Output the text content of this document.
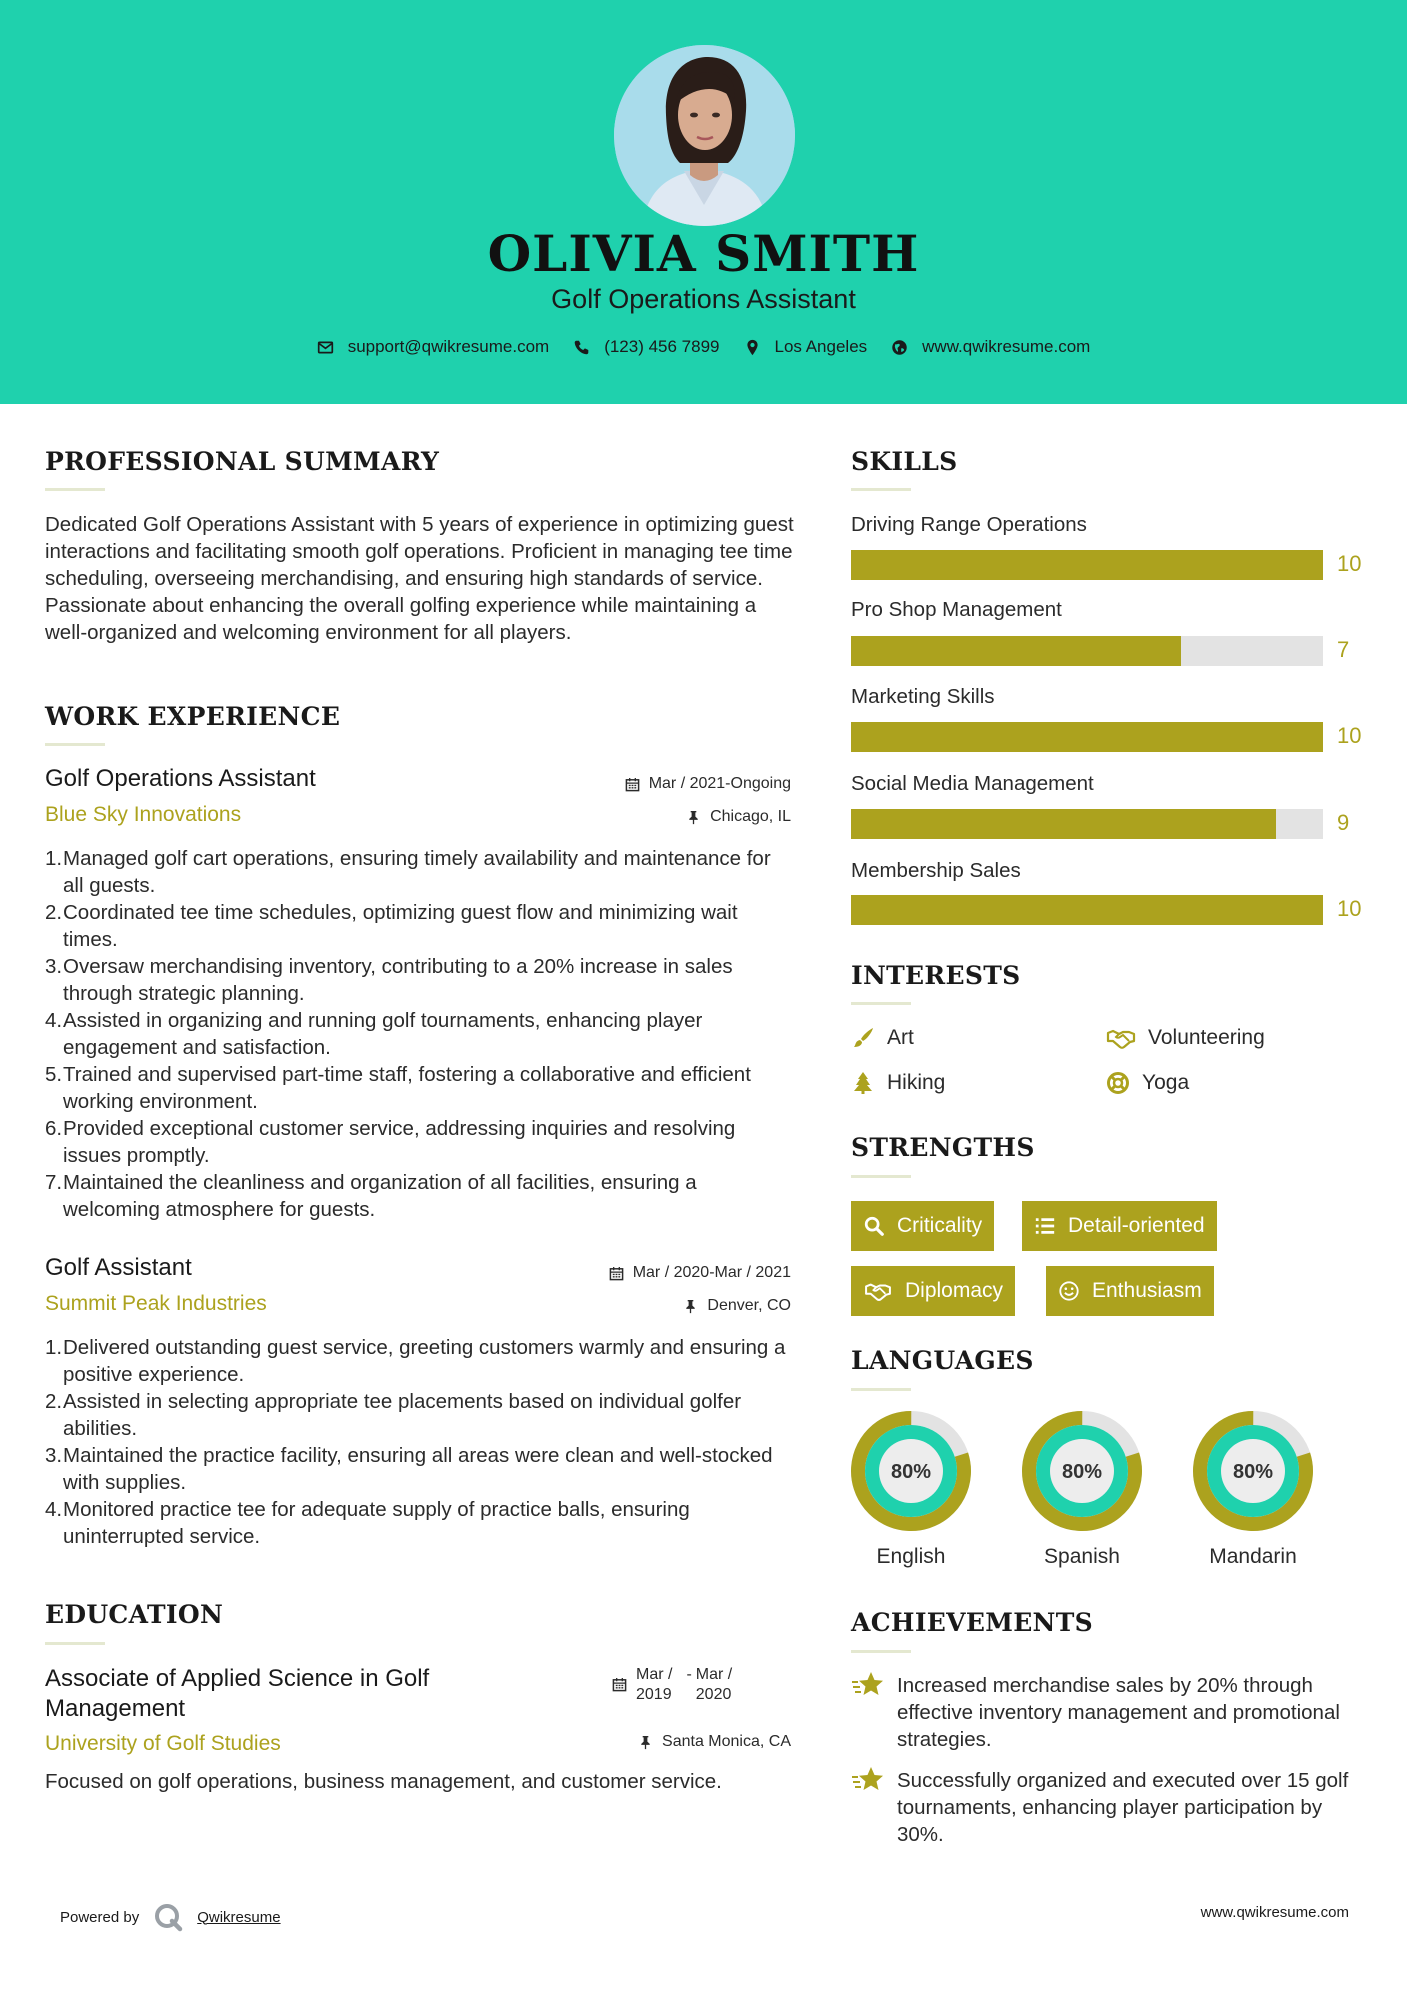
OLIVIA SMITH
Golf Operations Assistant
support@qwikresume.com	(123) 456 7899	Los Angeles	www.qwikresume.com
PROFESSIONAL SUMMARY
Dedicated Golf Operations Assistant with 5 years of experience in optimizing guest interactions and facilitating smooth golf operations. Proficient in managing tee time scheduling, overseeing merchandising, and ensuring high standards of service. Passionate about enhancing the overall golfing experience while maintaining a well-organized and welcoming environment for all players.
WORK EXPERIENCE
Golf Operations Assistant	Mar / 2021-Ongoing
Blue Sky Innovations	Chicago, IL
1. Managed golf cart operations, ensuring timely availability and maintenance for all guests.
2. Coordinated tee time schedules, optimizing guest flow and minimizing wait times.
3. Oversaw merchandising inventory, contributing to a 20% increase in sales through strategic planning.
4. Assisted in organizing and running golf tournaments, enhancing player engagement and satisfaction.
5. Trained and supervised part-time staff, fostering a collaborative and efficient working environment.
6. Provided exceptional customer service, addressing inquiries and resolving issues promptly.
7. Maintained the cleanliness and organization of all facilities, ensuring a welcoming atmosphere for guests.
Golf Assistant	Mar / 2020-Mar / 2021
Summit Peak Industries	Denver, CO
1. Delivered outstanding guest service, greeting customers warmly and ensuring a positive experience.
2. Assisted in selecting appropriate tee placements based on individual golfer abilities.
3. Maintained the practice facility, ensuring all areas were clean and well-stocked with supplies.
4. Monitored practice tee for adequate supply of practice balls, ensuring uninterrupted service.
EDUCATION
Associate of Applied Science in Golf
Management
Mar /
2019
- Mar /
2020
University of Golf Studies	Santa Monica, CA
Focused on golf operations, business management, and customer service.
SKILLS
Driving Range Operations
10
Pro Shop Management
7
Marketing Skills
10
Social Media Management
9
Membership Sales
10
INTERESTS
Art	Volunteering
Hiking	Yoga
STRENGTHS
Criticality	Detail-oriented
Diplomacy	Enthusiasm
LANGUAGES
80%	80%	80%
English	Spanish	Mandarin
ACHIEVEMENTS
Increased merchandise sales by 20% through effective inventory management and promotional strategies.
Successfully organized and executed over 15 golf tournaments, enhancing player participation by 30%.
Powered by	Qwikresume	www.qwikresume.com
